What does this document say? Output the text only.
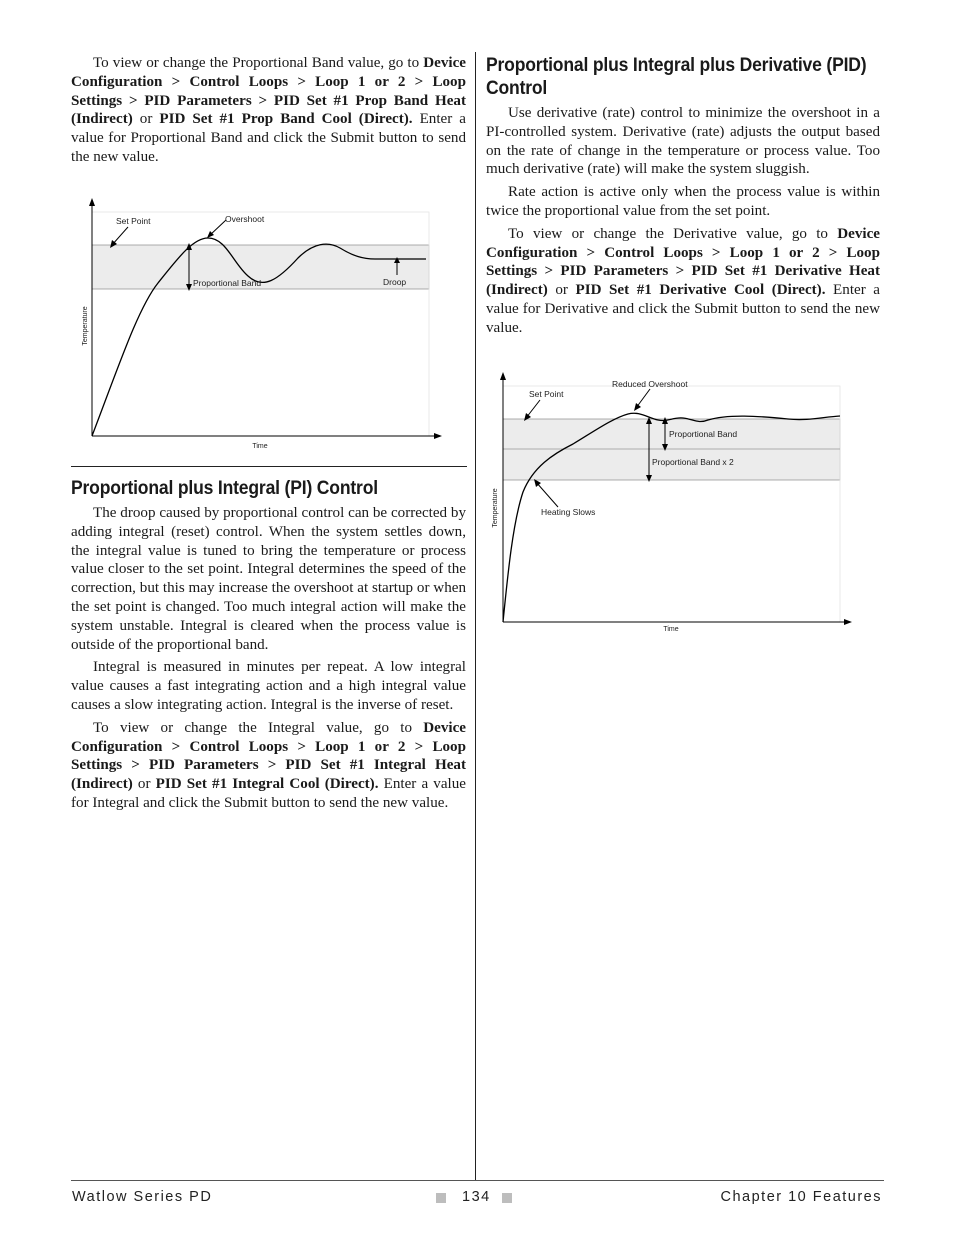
To view or change the Proportional Band value, go to Device Configuration > Control Loops > Loop 1 or 2 > Loop Settings > PID Parameters > PID Set #1 Prop Band Heat (Indirect) or PID Set #1 Prop Band Cool (Direct). Enter a value for Proportional Band and click the Submit button to send the new value.

Set Point	Overshoot
Proportional Band	Droop
Temperature
Time
Proportional plus Integral (PI) Control

The droop caused by proportional control can be corrected by adding integral (reset) control. When the system settles down, the integral value is tuned to bring the temperature or process value closer to the set point. Integral determines the speed of the correction, but this may increase the overshoot at startup or when the set point is changed. Too much integral action will make the system unstable. Integral is cleared when the process value is outside of the proportional band.

Integral is measured in minutes per repeat. A low integral value causes a fast integrating action and a high integral value causes a slow integrating action. Integral is the inverse of reset.

To view or change the Integral value, go to Device Configuration > Control Loops > Loop 1 or 2 > Loop Settings > PID Parameters > PID Set #1 Integral Heat (Indirect) or PID Set #1 Integral Cool (Direct). Enter a value for Integral and click the Submit button to send the new value.

Proportional plus Integral plus Derivative (PID) Control

Use derivative (rate) control to minimize the overshoot in a PI-controlled system. Derivative (rate) adjusts the output based on the rate of change in the temperature or process value. Too much derivative (rate) will make the system sluggish.

Rate action is active only when the process value is within twice the proportional value from the set point.

To view or change the Derivative value, go to Device Configuration > Control Loops > Loop 1 or 2 > Loop Settings > PID Parameters > PID Set #1 Derivative Heat (Indirect) or PID Set #1 Derivative Cool (Direct). Enter a value for Derivative and click the Submit button to send the new value.

Set Point
Reduced Overshoot
Proportional Band
Proportional Band x 2
Heating Slows
Temperature
Time
Watlow Series PD	134	Chapter 10 Features
